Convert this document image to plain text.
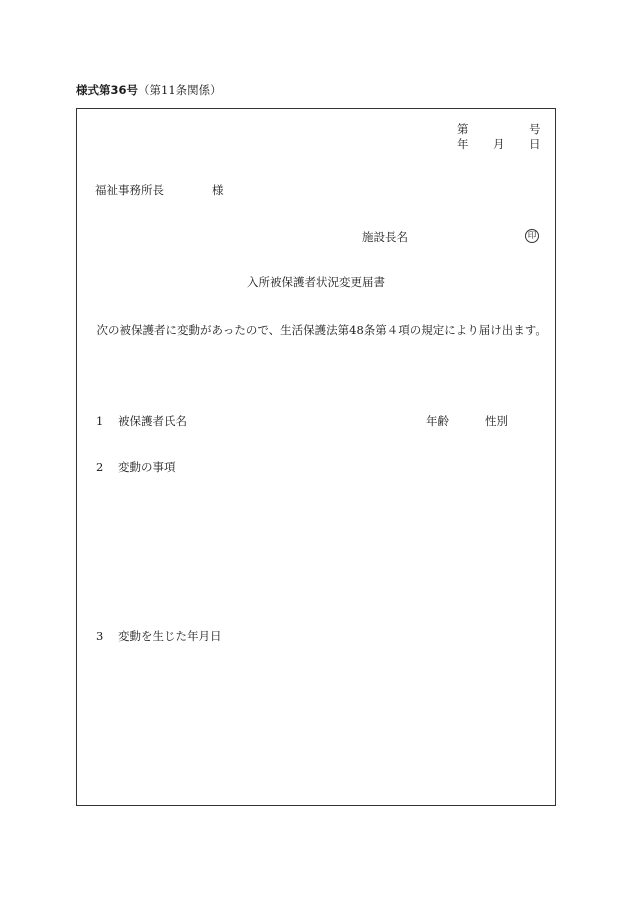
様式第36号（第11条関係）
第	号
年 月 日
福祉事務所長	様
施設長名	印
入所被保護者状況変更届書
次の被保護者に変動があったので、生活保護法第48条第４項の規定により届け出ます。
1 被保護者氏名	年齢	性別
2 変動の事項
3 変動を生じた年月日
